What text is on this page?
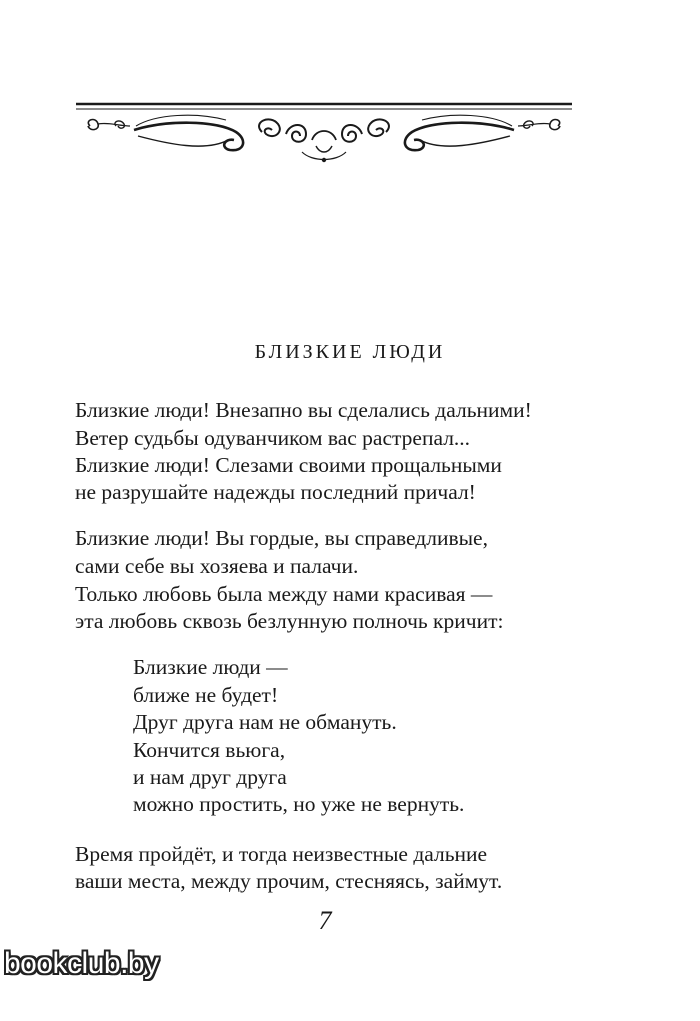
БЛИЗКИЕ ЛЮДИ
Близкие люди! Внезапно вы сделались дальними!
Ветер судьбы одуванчиком вас растрепал...
Близкие люди! Слезами своими прощальными
не разрушайте надежды последний причал!
Близкие люди! Вы гордые, вы справедливые,
сами себе вы хозяева и палачи.
Только любовь была между нами красивая —
эта любовь сквозь безлунную полночь кричит:
Близкие люди —
ближе не будет!
Друг друга нам не обмануть.
Кончится вьюга,
и нам друг друга
можно простить, но уже не вернуть.
Время пройдёт, и тогда неизвестные дальние
ваши места, между прочим, стесняясь, займут.
7
bookclub.by
